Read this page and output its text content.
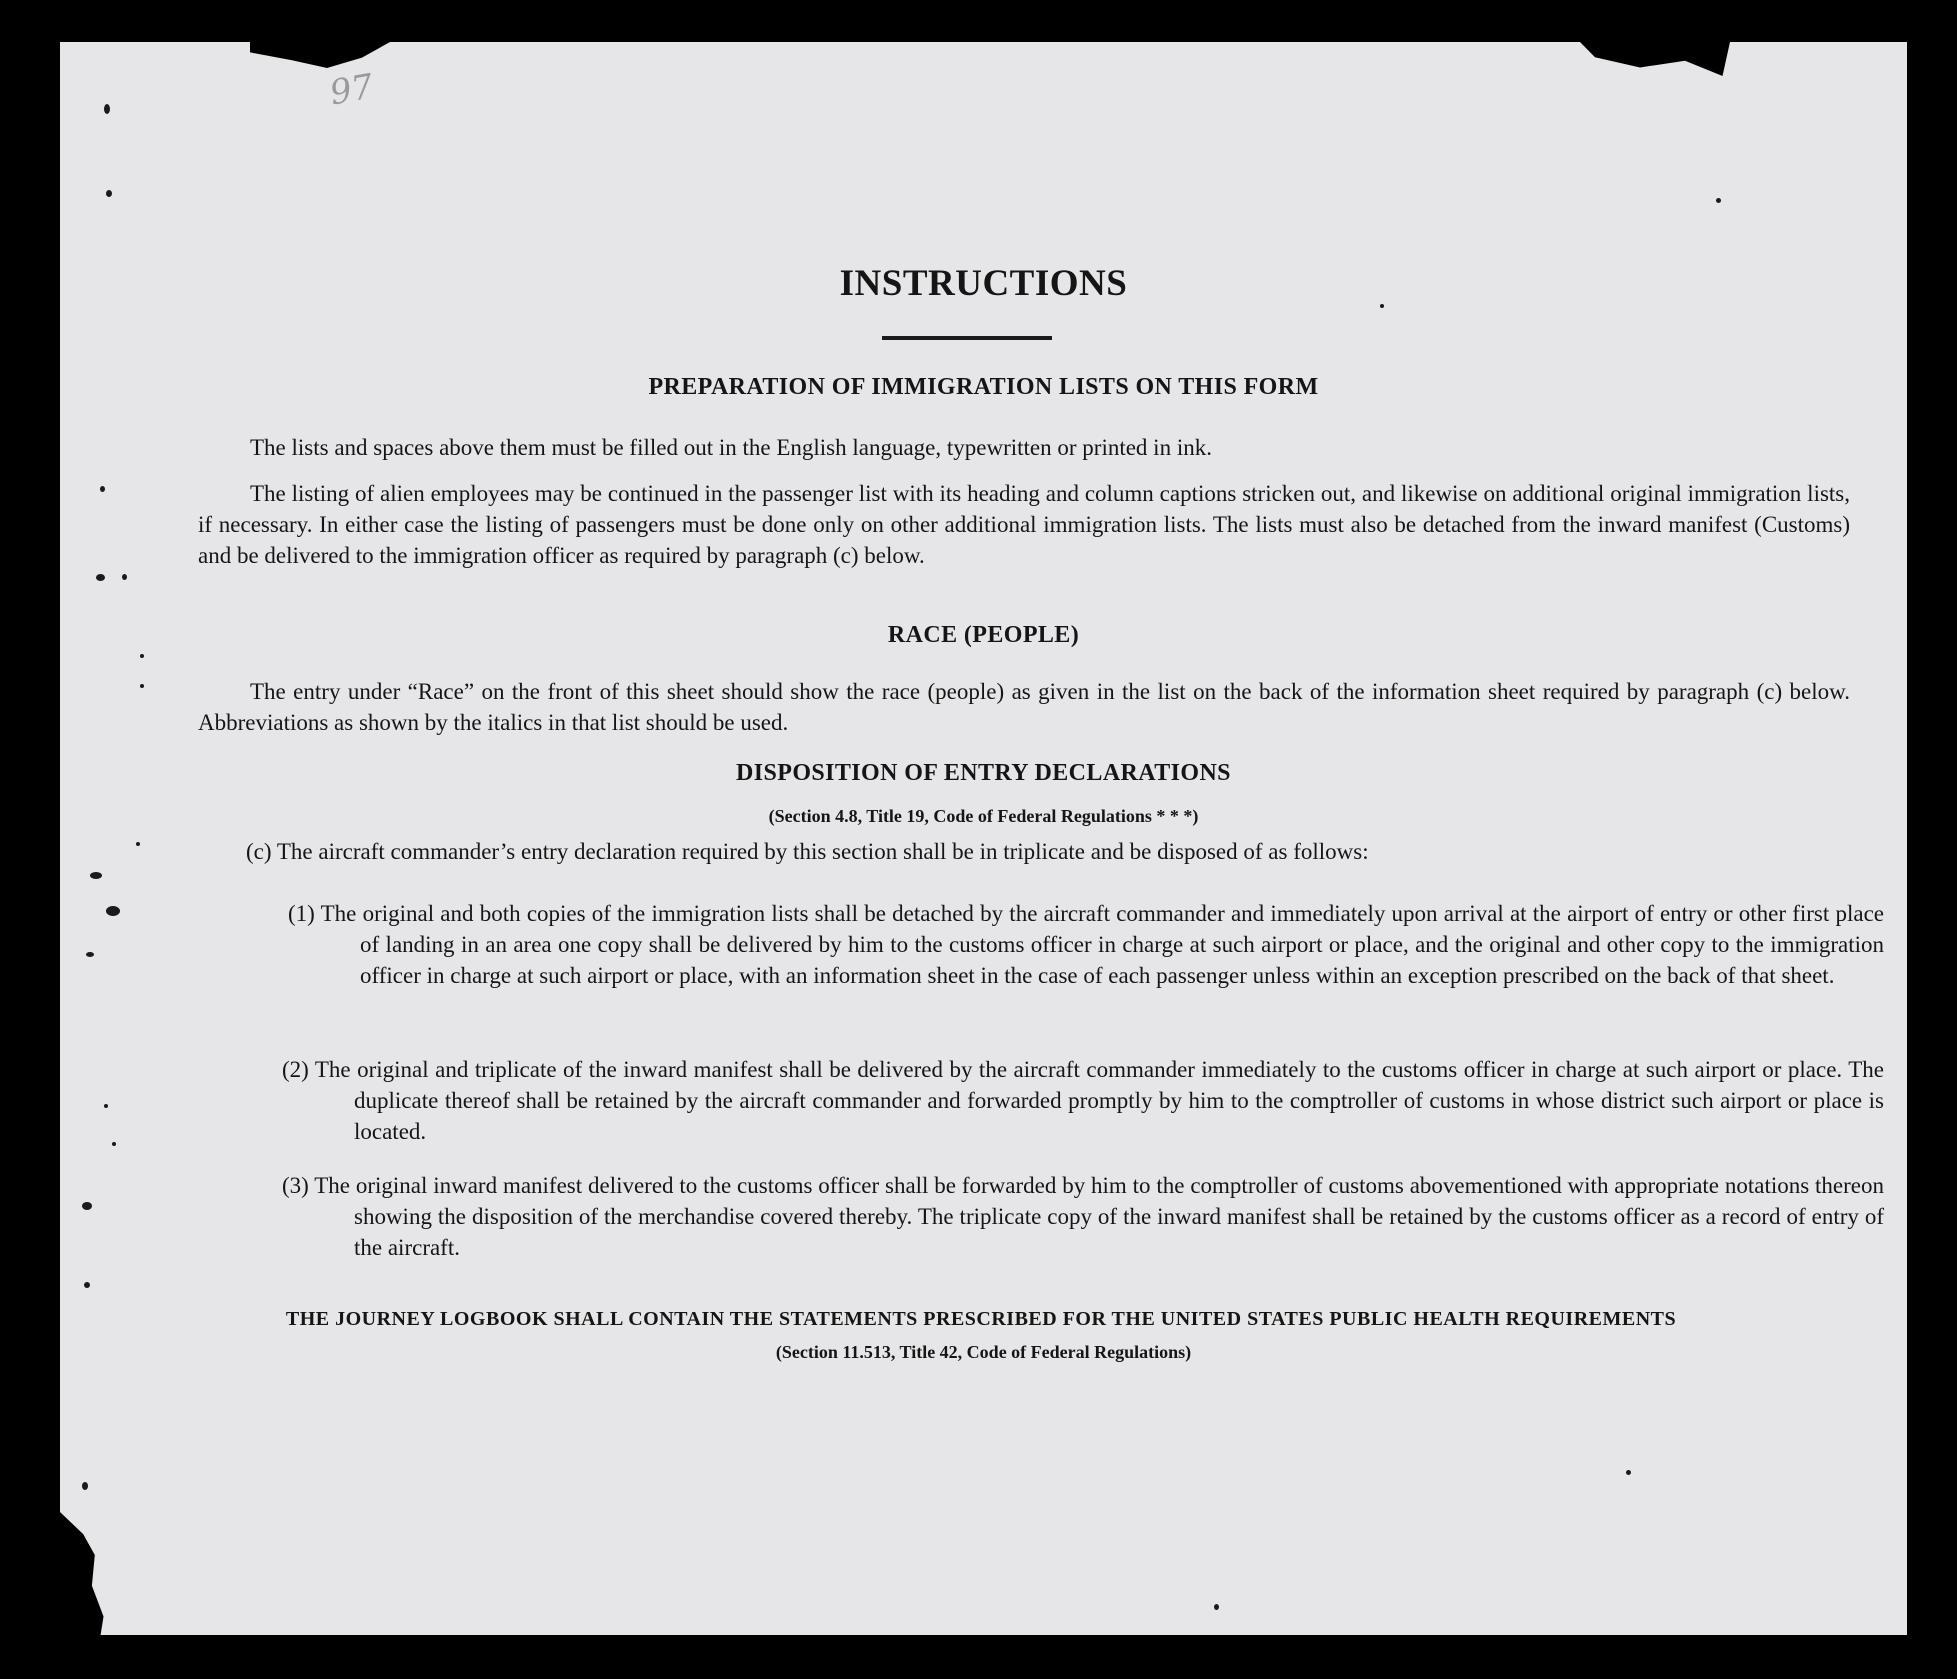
97
INSTRUCTIONS
PREPARATION OF IMMIGRATION LISTS ON THIS FORM
The lists and spaces above them must be filled out in the English language, typewritten or printed in ink.
The listing of alien employees may be continued in the passenger list with its heading and column captions stricken out, and likewise on additional original immigration lists, if necessary. In either case the listing of passengers must be done only on other additional immigration lists. The lists must also be detached from the inward manifest (Customs) and be delivered to the immigration officer as required by paragraph (c) below.
RACE (PEOPLE)
The entry under “Race” on the front of this sheet should show the race (people) as given in the list on the back of the information sheet required by paragraph (c) below. Abbreviations as shown by the italics in that list should be used.
DISPOSITION OF ENTRY DECLARATIONS
(Section 4.8, Title 19, Code of Federal Regulations * * *)
(c) The aircraft commander’s entry declaration required by this section shall be in triplicate and be disposed of as follows:
(1) The original and both copies of the immigration lists shall be detached by the aircraft commander and immediately upon arrival at the airport of entry or other first place of landing in an area one copy shall be delivered by him to the customs officer in charge at such airport or place, and the original and other copy to the immigration officer in charge at such airport or place, with an information sheet in the case of each passenger unless within an exception prescribed on the back of that sheet.
(2) The original and triplicate of the inward manifest shall be delivered by the aircraft commander immediately to the customs officer in charge at such airport or place. The duplicate thereof shall be retained by the aircraft commander and forwarded promptly by him to the comptroller of customs in whose district such airport or place is located.
(3) The original inward manifest delivered to the customs officer shall be forwarded by him to the comptroller of customs abovementioned with appropriate notations thereon showing the disposition of the merchandise covered thereby. The triplicate copy of the inward manifest shall be retained by the customs officer as a record of entry of the aircraft.
THE JOURNEY LOGBOOK SHALL CONTAIN THE STATEMENTS PRESCRIBED FOR THE UNITED STATES PUBLIC HEALTH REQUIREMENTS
(Section 11.513, Title 42, Code of Federal Regulations)
